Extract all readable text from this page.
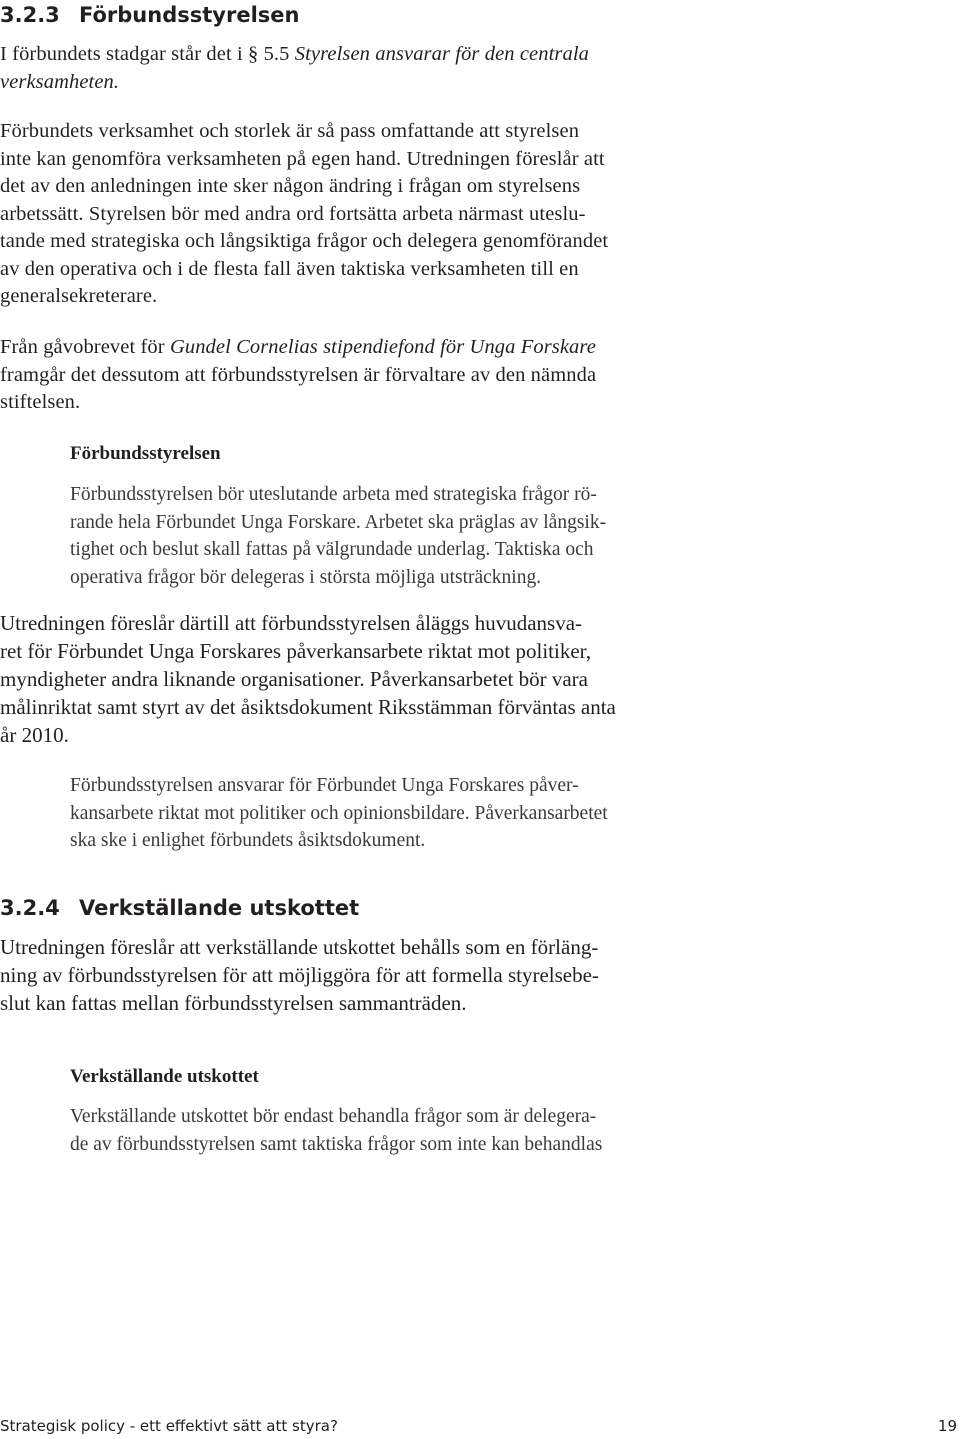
3.2.3 Förbundsstyrelsen
I förbundets stadgar står det i § 5.5 Styrelsen ansvarar för den centrala
verksamheten.
Förbundets verksamhet och storlek är så pass omfattande att styrelsen
inte kan genomföra verksamheten på egen hand. Utredningen föreslår att
det av den anledningen inte sker någon ändring i frågan om styrelsens
arbetssätt. Styrelsen bör med andra ord fortsätta arbeta närmast uteslu-
tande med strategiska och långsiktiga frågor och delegera genomförandet
av den operativa och i de flesta fall även taktiska verksamheten till en
generalsekreterare.
Från gåvobrevet för Gundel Cornelias stipendiefond för Unga Forskare
framgår det dessutom att förbundsstyrelsen är förvaltare av den nämnda
stiftelsen.
Förbundsstyrelsen
Förbundsstyrelsen bör uteslutande arbeta med strategiska frågor rö-
rande hela Förbundet Unga Forskare. Arbetet ska präglas av långsik-
tighet och beslut skall fattas på välgrundade underlag. Taktiska och
operativa frågor bör delegeras i största möjliga utsträckning.
Utredningen föreslår därtill att förbundsstyrelsen åläggs huvudansva-
ret för Förbundet Unga Forskares påverkansarbete riktat mot politiker,
myndigheter andra liknande organisationer. Påverkansarbetet bör vara
målinriktat samt styrt av det åsiktsdokument Riksstämman förväntas anta
år 2010.
Förbundsstyrelsen ansvarar för Förbundet Unga Forskares påver-
kansarbete riktat mot politiker och opinionsbildare. Påverkansarbetet
ska ske i enlighet förbundets åsiktsdokument.
3.2.4 Verkställande utskottet
Utredningen föreslår att verkställande utskottet behålls som en förläng-
ning av förbundsstyrelsen för att möjliggöra för att formella styrelsebe-
slut kan fattas mellan förbundsstyrelsen sammanträden.
Verkställande utskottet
Verkställande utskottet bör endast behandla frågor som är delegera-
de av förbundsstyrelsen samt taktiska frågor som inte kan behandlas
Strategisk policy - ett effektivt sätt att styra?	19
